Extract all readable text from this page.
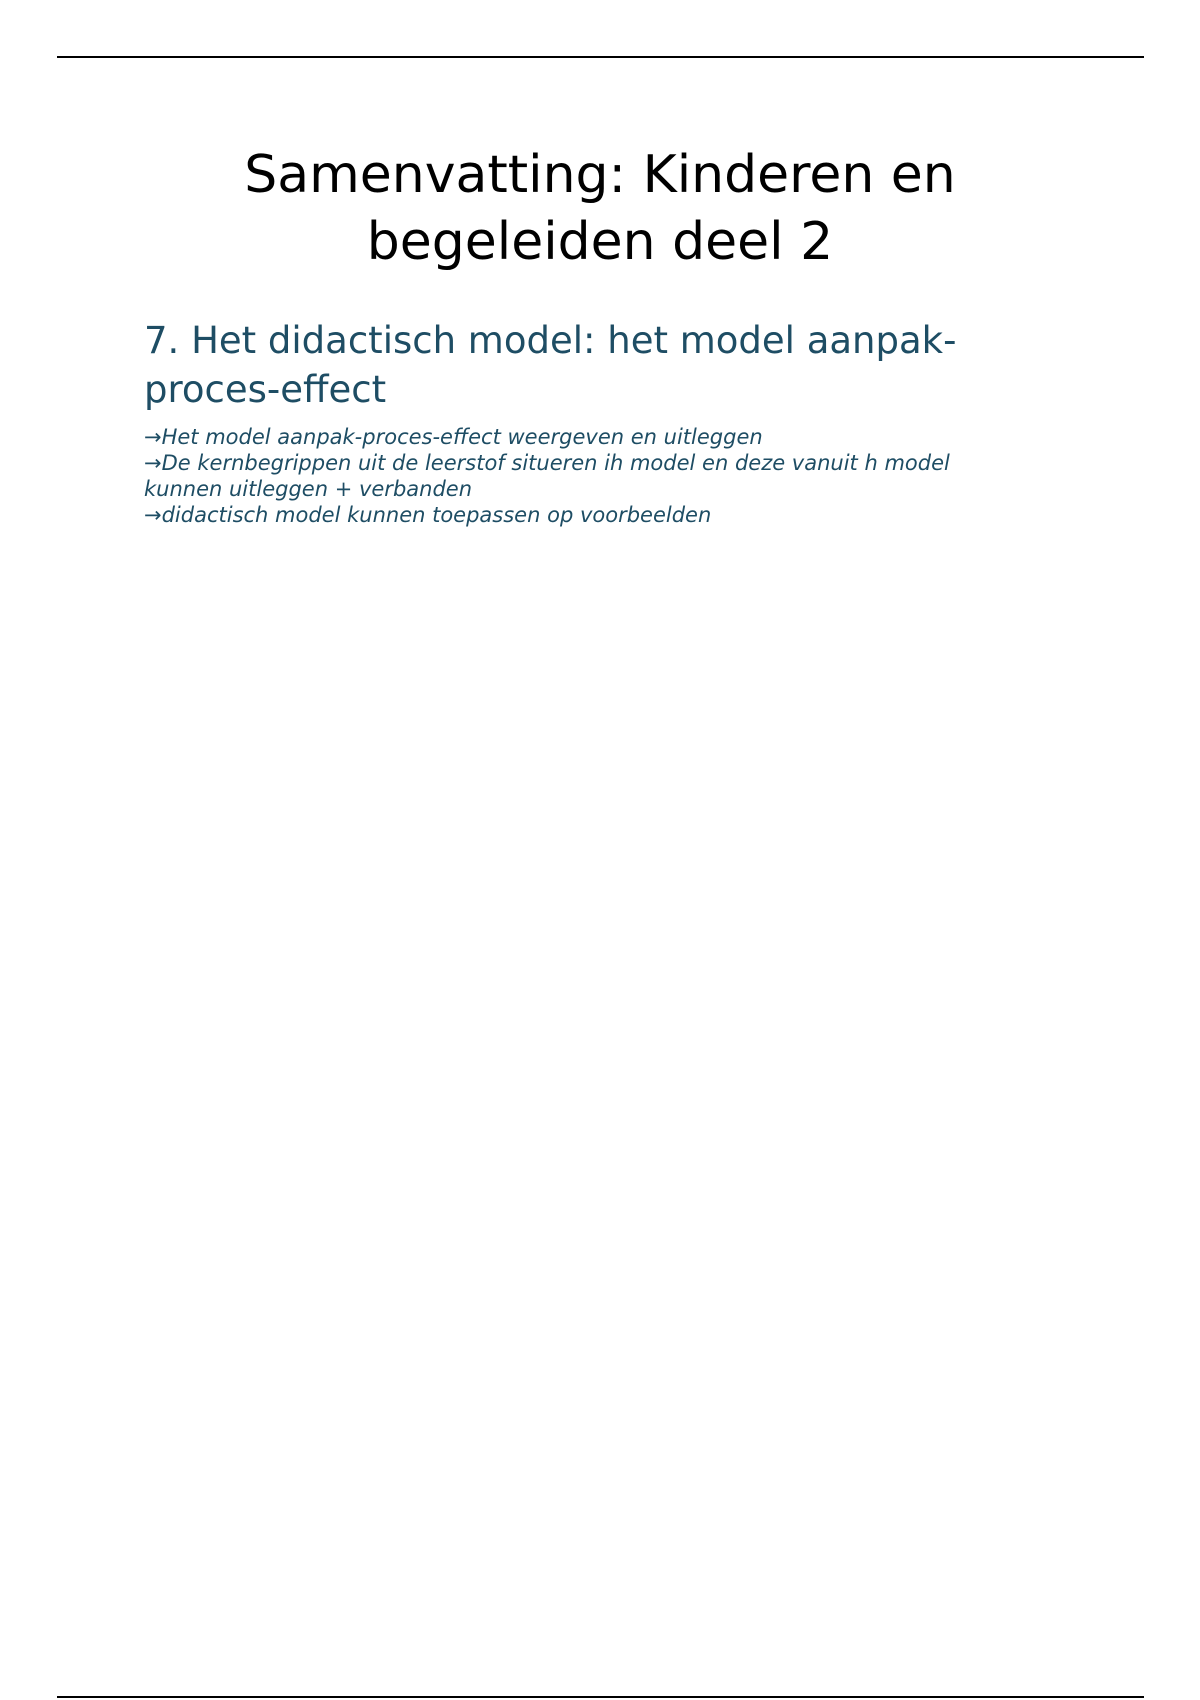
Samenvatting: Kinderen en
begeleiden deel 2
7. Het didactisch model: het model aanpak-proces-effect
→Het model aanpak-proces-effect weergeven en uitleggen
→De kernbegrippen uit de leerstof situeren ih model en deze vanuit h model kunnen uitleggen + verbanden
→didactisch model kunnen toepassen op voorbeelden
